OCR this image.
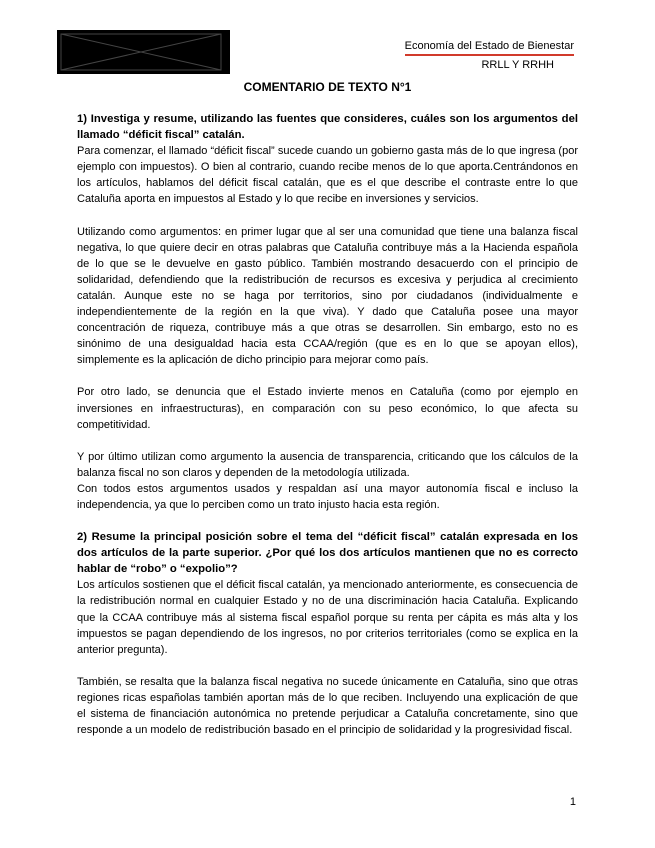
Economía del Estado de Bienestar
RRLL Y RRHH
COMENTARIO DE TEXTO N°1

1) Investiga y resume, utilizando las fuentes que consideres, cuáles son los argumentos del llamado “déficit fiscal” catalán.

Para comenzar, el llamado “déficit fiscal” sucede cuando un gobierno gasta más de lo que ingresa (por ejemplo con impuestos). O bien al contrario, cuando recibe menos de lo que aporta.Centrándonos en los artículos, hablamos del déficit fiscal catalán, que es el que describe el contraste entre lo que Cataluña aporta en impuestos al Estado y lo que recibe en inversiones y servicios.

Utilizando como argumentos: en primer lugar que al ser una comunidad que tiene una balanza fiscal negativa, lo que quiere decir en otras palabras que Cataluña contribuye más a la Hacienda española de lo que se le devuelve en gasto público. También mostrando desacuerdo con el principio de solidaridad, defendiendo que la redistribución de recursos es excesiva y perjudica al crecimiento catalán. Aunque este no se haga por territorios, sino por ciudadanos (individualmente e independientemente de la región en la que viva). Y dado que Cataluña posee una mayor concentración de riqueza, contribuye más a que otras se desarrollen. Sin embargo, esto no es sinónimo de una desigualdad hacia esta CCAA/región (que es en lo que se apoyan ellos), simplemente es la aplicación de dicho principio para mejorar como país.

Por otro lado, se denuncia que el Estado invierte menos en Cataluña (como por ejemplo en inversiones en infraestructuras), en comparación con su peso económico, lo que afecta su competitividad.

Y por último utilizan como argumento la ausencia de transparencia, criticando que los cálculos de la balanza fiscal no son claros y dependen de la metodología utilizada.

Con todos estos argumentos usados y respaldan así una mayor autonomía fiscal e incluso la independencia, ya que lo perciben como un trato injusto hacia esta región.

2) Resume la principal posición sobre el tema del “déficit fiscal” catalán expresada en los dos artículos de la parte superior. ¿Por qué los dos artículos mantienen que no es correcto hablar de “robo” o “expolio”?

Los artículos sostienen que el déficit fiscal catalán, ya mencionado anteriormente, es consecuencia de la redistribución normal en cualquier Estado y no de una discriminación hacia Cataluña. Explicando que la CCAA contribuye más al sistema fiscal español porque su renta per cápita es más alta y los impuestos se pagan dependiendo de los ingresos, no por criterios territoriales (como se explica en la anterior pregunta).

También, se resalta que la balanza fiscal negativa no sucede únicamente en Cataluña, sino que otras regiones ricas españolas también aportan más de lo que reciben. Incluyendo una explicación de que el sistema de financiación autonómica no pretende perjudicar a Cataluña concretamente, sino que responde a un modelo de redistribución basado en el principio de solidaridad y la progresividad fiscal.

1
